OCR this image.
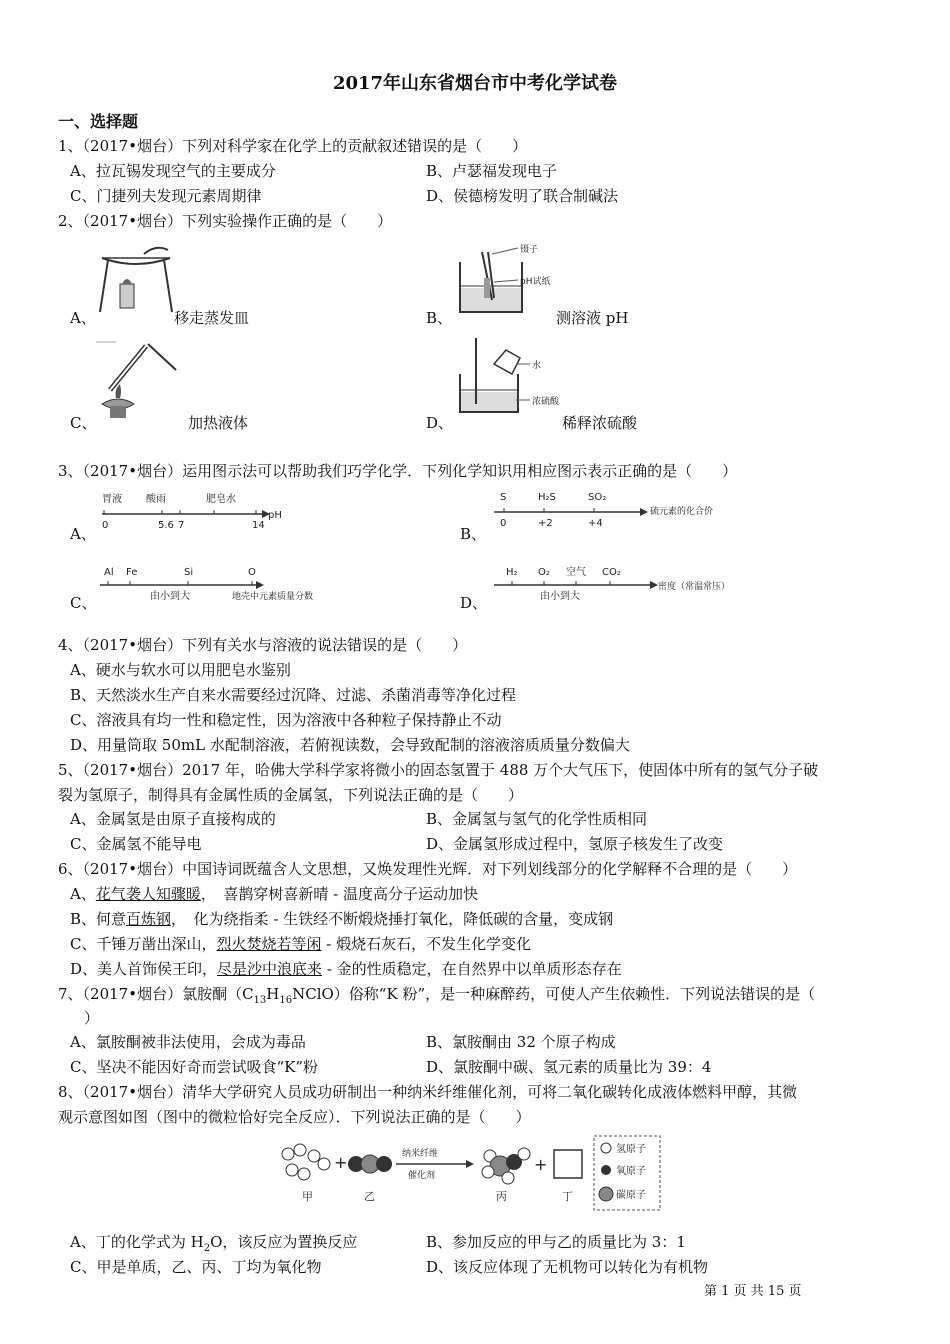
2017年山东省烟台市中考化学试卷
一、选择题
1、（2017•烟台）下列对科学家在化学上的贡献叙述错误的是（　　）
A、拉瓦锡发现空气的主要成分	B、卢瑟福发现电子
C、门捷列夫发现元素周期律	D、侯德榜发明了联合制碱法
2、（2017•烟台）下列实验操作正确的是（　　）
A、	移走蒸发皿
镊子
pH试纸
B、	测溶液 pH
C、	加热液体
水
浓硫酸
D、	稀释浓硫酸
3、（2017•烟台）运用图示法可以帮助我们巧学化学．下列化学知识用相应图示表示正确的是（　　）
胃液 酸雨	肥皂水
0	5.6 7	14
pH
A、
S	H₂S	SO₂
0	+2	+4
硫元素的化合价
B、
Al Fe	Si	O
由小到大	地壳中元素质量分数
C、
H₂ O₂ 空气 CO₂
由小到大
密度（常温常压）
D、
4、（2017•烟台）下列有关水与溶液的说法错误的是（　　）
A、硬水与软水可以用肥皂水鉴别
B、天然淡水生产自来水需要经过沉降、过滤、杀菌消毒等净化过程
C、溶液具有均一性和稳定性，因为溶液中各种粒子保持静止不动
D、用量筒取 50mL 水配制溶液，若俯视读数，会导致配制的溶液溶质质量分数偏大
5、（2017•烟台）2017 年，哈佛大学科学家将微小的固态氢置于 488 万个大气压下，使固体中所有的氢气分子破
裂为氢原子，制得具有金属性质的金属氢，下列说法正确的是（　　）
A、金属氢是由原子直接构成的	B、金属氢与氢气的化学性质相同
C、金属氢不能导电	D、金属氢形成过程中，氢原子核发生了改变
6、（2017•烟台）中国诗词既蕴含人文思想，又焕发理性光辉．对下列划线部分的化学解释不合理的是（　　）
A、花气袭人知骤暖，　喜鹊穿树喜新晴 - 温度高分子运动加快
B、何意百炼钢，　化为绕指柔 - 生铁经不断煅烧捶打氧化，降低碳的含量，变成钢
C、千锤万凿出深山，烈火焚烧若等闲 - 煅烧石灰石，不发生化学变化
D、美人首饰侯王印，尽是沙中浪底来 - 金的性质稳定，在自然界中以单质形态存在
7、（2017•烟台）氯胺酮$(C_{13}H_{16}NClO)$俗称“K 粉”，是一种麻醉药，可使人产生依赖性．下列说法错误的是（
）
A、氯胺酮被非法使用，会成为毒品	B、氯胺酮由 32 个原子构成
C、坚决不能因好奇而尝试吸食“K”粉	D、氯胺酮中碳、氢元素的质量比为 39：4
8、（2017•烟台）清华大学研究人员成功研制出一种纳米纤维催化剂，可将二氧化碳转化成液体燃料甲醇，其微
观示意图如图（图中的微粒恰好完全反应）．下列说法正确的是（　　）
+	纳米纤维
催化剂
+
甲	乙	丙	丁
氢原子
氧原子
碳原子
A、丁的化学式为 $H_2O$，该反应为置换反应	B、参加反应的甲与乙的质量比为 3：1
C、甲是单质，乙、丙、丁均为氧化物	D、该反应体现了无机物可以转化为有机物
第 1 页 共 15 页
